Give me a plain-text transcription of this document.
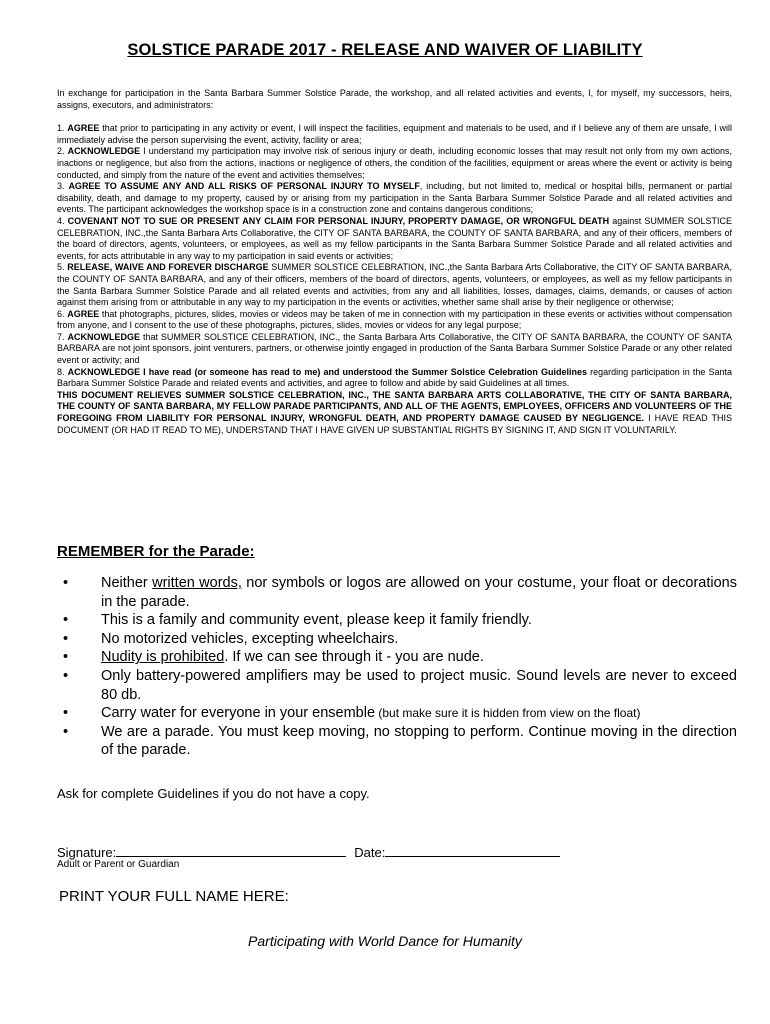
SOLSTICE PARADE 2017 - RELEASE AND WAIVER OF LIABILITY

In exchange for participation in the Santa Barbara Summer Solstice Parade, the workshop, and all related activities and events, I, for myself, my successors, heirs, assigns, executors, and administrators:

1. AGREE that prior to participating in any activity or event, I will inspect the facilities, equipment and materials to be used, and if I believe any of them are unsafe, I will immediately advise the person supervising the event, activity, facility or area;

2. ACKNOWLEDGE I understand my participation may involve risk of serious injury or death, including economic losses that may result not only from my own actions, inactions or negligence, but also from the actions, inactions or negligence of others, the condition of the facilities, equipment or areas where the event or activity is being conducted, and simply from the nature of the event and activities themselves;

3. AGREE TO ASSUME ANY AND ALL RISKS OF PERSONAL INJURY TO MYSELF, including, but not limited to, medical or hospital bills, permanent or partial disability, death, and damage to my property, caused by or arising from my participation in the Santa Barbara Summer Solstice Parade and all related activities and events. The participant acknowledges the workshop space is in a construction zone and contains dangerous conditions;

4. COVENANT NOT TO SUE OR PRESENT ANY CLAIM FOR PERSONAL INJURY, PROPERTY DAMAGE, OR WRONGFUL DEATH against SUMMER SOLSTICE CELEBRATION, INC.,the Santa Barbara Arts Collaborative, the CITY OF SANTA BARBARA, the COUNTY OF SANTA BARBARA, and any of their officers, members of the board of directors, agents, volunteers, or employees, as well as my fellow participants in the Santa Barbara Summer Solstice Parade and all related activities and events, for acts attributable in any way to my participation in said events or activities;

5. RELEASE, WAIVE AND FOREVER DISCHARGE SUMMER SOLSTICE CELEBRATION, INC.,the Santa Barbara Arts Collaborative, the CITY OF SANTA BARBARA, the COUNTY OF SANTA BARBARA, and any of their officers, members of the board of directors, agents, volunteers, or employees, as well as my fellow participants in the Santa Barbara Summer Solstice Parade and all related events and activities, from any and all liabilities, losses, damages, claims, demands, or causes of action against them arising from or attributable in any way to my participation in the events or activities, whether same shall arise by their negligence or otherwise;

6. AGREE that photographs, pictures, slides, movies or videos may be taken of me in connection with my participation in these events or activities without compensation from anyone, and I consent to the use of these photographs, pictures, slides, movies or videos for any legal purpose;

7. ACKNOWLEDGE that SUMMER SOLSTICE CELEBRATION, INC., the Santa Barbara Arts Collaborative, the CITY OF SANTA BARBARA, the COUNTY OF SANTA BARBARA are not joint sponsors, joint venturers, partners, or otherwise jointly engaged in production of the Santa Barbara Summer Solstice Parade or any other related event or activity; and

8. ACKNOWLEDGE I have read (or someone has read to me) and understood the Summer Solstice Celebration Guidelines regarding participation in the Santa Barbara Summer Solstice Parade and related events and activities, and agree to follow and abide by said Guidelines at all times.

THIS DOCUMENT RELIEVES SUMMER SOLSTICE CELEBRATION, INC., THE SANTA BARBARA ARTS COLLABORATIVE, THE CITY OF SANTA BARBARA, THE COUNTY OF SANTA BARBARA, MY FELLOW PARADE PARTICIPANTS, AND ALL OF THE AGENTS, EMPLOYEES, OFFICERS AND VOLUNTEERS OF THE FOREGOING FROM LIABILITY FOR PERSONAL INJURY, WRONGFUL DEATH, AND PROPERTY DAMAGE CAUSED BY NEGLIGENCE. I HAVE READ THIS DOCUMENT (OR HAD IT READ TO ME), UNDERSTAND THAT I HAVE GIVEN UP SUBSTANTIAL RIGHTS BY SIGNING IT, AND SIGN IT VOLUNTARILY.

REMEMBER for the Parade:
• Neither written words, nor symbols or logos are allowed on your costume, your float or decorations in the parade.
• This is a family and community event, please keep it family friendly.
• No motorized vehicles, excepting wheelchairs.
• Nudity is prohibited. If we can see through it - you are nude.
• Only battery-powered amplifiers may be used to project music. Sound levels are never to exceed 80 db.
• Carry water for everyone in your ensemble (but make sure it is hidden from view on the float)
• We are a parade. You must keep moving, no stopping to perform. Continue moving in the direction of the parade.

Ask for complete Guidelines if you do not have a copy.

Signature:	Date:
Adult or Parent or Guardian

PRINT YOUR FULL NAME HERE:

Participating with World Dance for Humanity
